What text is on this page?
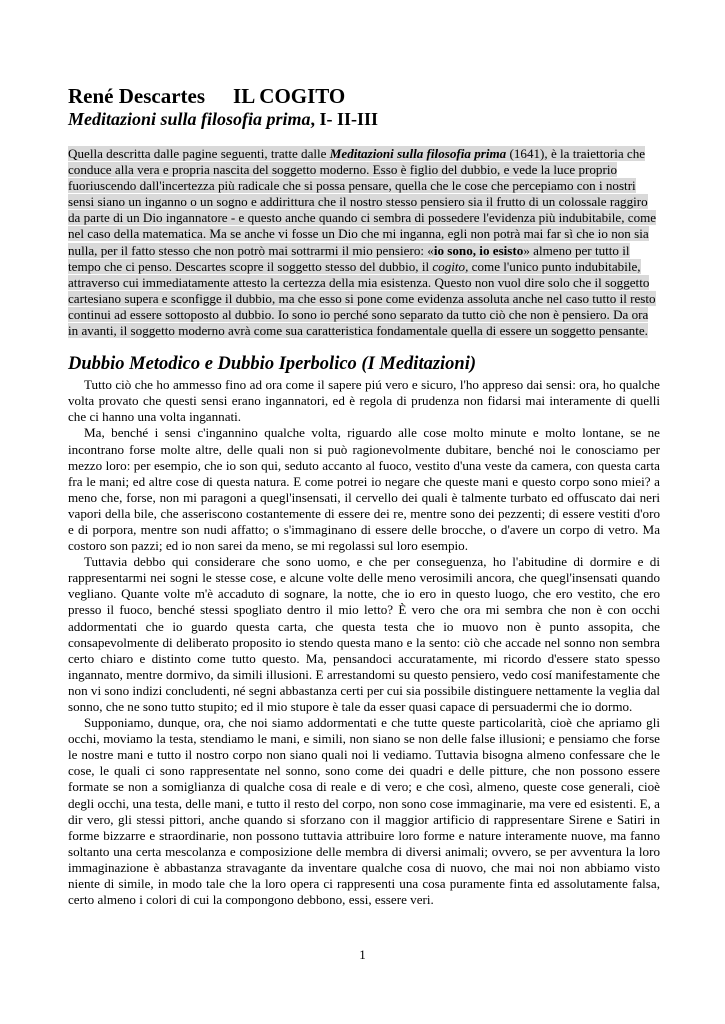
René Descartes IL COGITO
Meditazioni sulla filosofia prima, I- II-III
Quella descritta dalle pagine seguenti, tratte dalle Meditazioni sulla filosofia prima (1641), è la traiettoria che conduce alla vera e propria nascita del soggetto moderno. Esso è figlio del dubbio, e vede la luce proprio fuoriuscendo dall'incertezza più radicale che si possa pensare, quella che le cose che percepiamo con i nostri sensi siano un inganno o un sogno e addirittura che il nostro stesso pensiero sia il frutto di un colossale raggiro da parte di un Dio ingannatore - e questo anche quando ci sembra di possedere l'evidenza più indubitabile, come nel caso della matematica. Ma se anche vi fosse un Dio che mi inganna, egli non potrà mai far sì che io non sia nulla, per il fatto stesso che non potrò mai sottrarmi il mio pensiero: «io sono, io esisto» almeno per tutto il tempo che ci penso. Descartes scopre il soggetto stesso del dubbio, il cogito, come l'unico punto indubitabile, attraverso cui immediatamente attesto la certezza della mia esistenza. Questo non vuol dire solo che il soggetto cartesiano supera e sconfigge il dubbio, ma che esso si pone come evidenza assoluta anche nel caso tutto il resto continui ad essere sottoposto al dubbio. Io sono io perché sono separato da tutto ciò che non è pensiero. Da ora in avanti, il soggetto moderno avrà come sua caratteristica fondamentale quella di essere un soggetto pensante.
Dubbio Metodico e Dubbio Iperbolico (I Meditazioni)

Tutto ciò che ho ammesso fino ad ora come il sapere piú vero e sicuro, l'ho appreso dai sensi: ora, ho qualche volta provato che questi sensi erano ingannatori, ed è regola di prudenza non fidarsi mai interamente di quelli che ci hanno una volta ingannati.

Ma, benché i sensi c'ingannino qualche volta, riguardo alle cose molto minute e molto lontane, se ne incontrano forse molte altre, delle quali non si può ragionevolmente dubitare, benché noi le conosciamo per mezzo loro: per esempio, che io son qui, seduto accanto al fuoco, vestito d'una veste da camera, con questa carta fra le mani; ed altre cose di questa natura. E come potrei io negare che queste mani e questo corpo sono miei? a meno che, forse, non mi paragoni a quegl'insensati, il cervello dei quali è talmente turbato ed offuscato dai neri vapori della bile, che asseriscono costantemente di essere dei re, mentre sono dei pezzenti; di essere vestiti d'oro e di porpora, mentre son nudi affatto; o s'immaginano di essere delle brocche, o d'avere un corpo di vetro. Ma costoro son pazzi; ed io non sarei da meno, se mi regolassi sul loro esempio.

Tuttavia debbo qui considerare che sono uomo, e che per conseguenza, ho l'abitudine di dormire e di rappresentarmi nei sogni le stesse cose, e alcune volte delle meno verosimili ancora, che quegl'insensati quando vegliano. Quante volte m'è accaduto di sognare, la notte, che io ero in questo luogo, che ero vestito, che ero presso il fuoco, benché stessi spogliato dentro il mio letto? È vero che ora mi sembra che non è con occhi addormentati che io guardo questa carta, che questa testa che io muovo non è punto assopita, che consapevolmente di deliberato proposito io stendo questa mano e la sento: ciò che accade nel sonno non sembra certo chiaro e distinto come tutto questo. Ma, pensandoci accuratamente, mi ricordo d'essere stato spesso ingannato, mentre dormivo, da simili illusioni. E arrestandomi su questo pensiero, vedo cosí manifestamente che non vi sono indizi concludenti, né segni abbastanza certi per cui sia possibile distinguere nettamente la veglia dal sonno, che ne sono tutto stupito; ed il mio stupore è tale da esser quasi capace di persuadermi che io dormo.

Supponiamo, dunque, ora, che noi siamo addormentati e che tutte queste particolarità, cioè che apriamo gli occhi, moviamo la testa, stendiamo le mani, e simili, non siano se non delle false illusioni; e pensiamo che forse le nostre mani e tutto il nostro corpo non siano quali noi li vediamo. Tuttavia bisogna almeno confessare che le cose, le quali ci sono rappresentate nel sonno, sono come dei quadri e delle pitture, che non possono essere formate se non a somiglianza di qualche cosa di reale e di vero; e che così, almeno, queste cose generali, cioè degli occhi, una testa, delle mani, e tutto il resto del corpo, non sono cose immaginarie, ma vere ed esistenti. E, a dir vero, gli stessi pittori, anche quando si sforzano con il maggior artificio di rappresentare Sirene e Satiri in forme bizzarre e straordinarie, non possono tuttavia attribuire loro forme e nature interamente nuove, ma fanno soltanto una certa mescolanza e composizione delle membra di diversi animali; ovvero, se per avventura la loro immaginazione è abbastanza stravagante da inventare qualche cosa di nuovo, che mai noi non abbiamo visto niente di simile, in modo tale che la loro opera ci rappresenti una cosa puramente finta ed assolutamente falsa, certo almeno i colori di cui la compongono debbono, essi, essere veri.

1
